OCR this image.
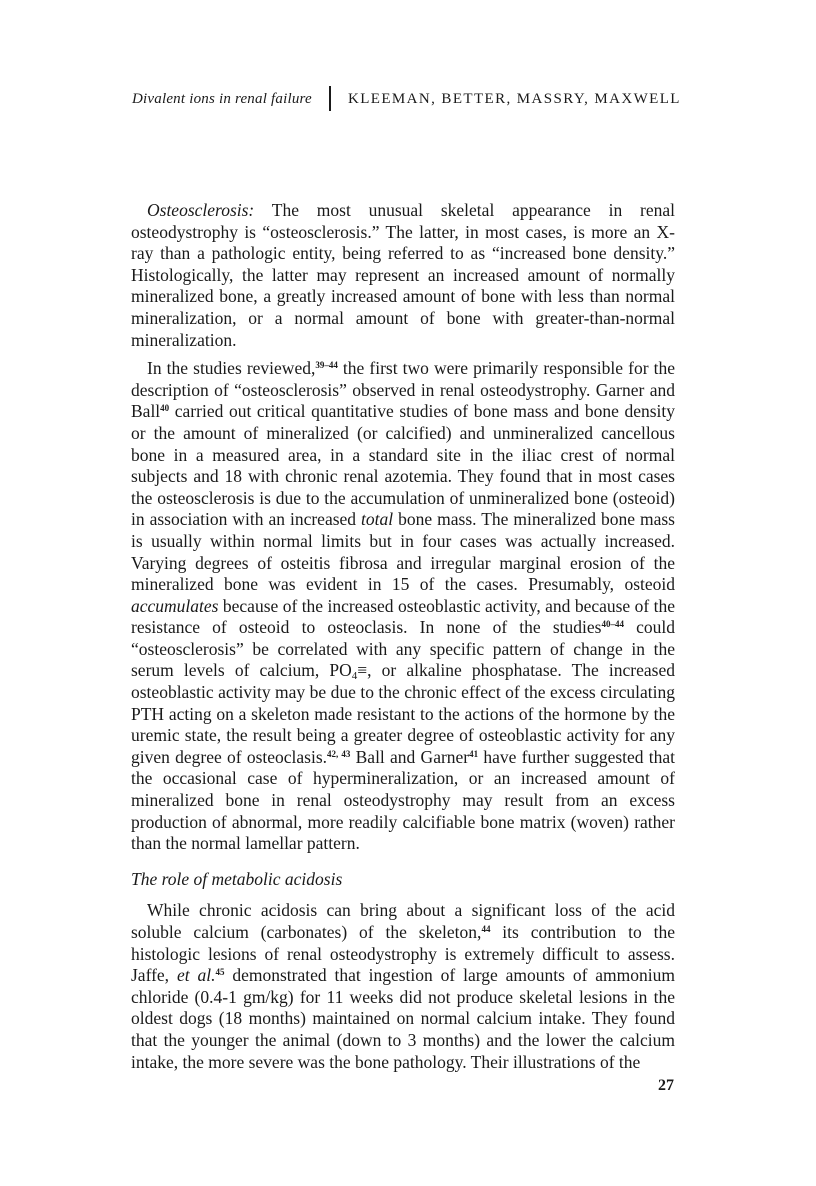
Divalent ions in renal failure KLEEMAN, BETTER, MASSRY, MAXWELL

Osteosclerosis: The most unusual skeletal appearance in renal osteodystrophy is “osteosclerosis.” The latter, in most cases, is more an X-ray than a pathologic entity, being referred to as “increased bone density.” Histologically, the latter may represent an increased amount of normally mineralized bone, a greatly increased amount of bone with less than normal mineralization, or a normal amount of bone with greater-than-normal mineralization.

In the studies reviewed,$^{39-44}$ the first two were primarily responsible for the description of “osteosclerosis” observed in renal osteodystrophy. Garner and Ball$^{40}$ carried out critical quantitative studies of bone mass and bone density or the amount of mineralized (or calcified) and unmineralized cancellous bone in a measured area, in a standard site in the iliac crest of normal subjects and 18 with chronic renal azotemia. They found that in most cases the osteosclerosis is due to the accumulation of unmineralized bone (osteoid) in association with an increased total bone mass. The mineralized bone mass is usually within normal limits but in four cases was actually increased. Varying degrees of osteitis fibrosa and irregular marginal erosion of the mineralized bone was evident in 15 of the cases. Presumably, osteoid accumulates because of the increased osteoblastic activity, and because of the resistance of osteoid to osteoclasis. In none of the studies$^{40-44}$ could “osteosclerosis” be correlated with any specific pattern of change in the serum levels of calcium, $PO_4\equiv$, or alkaline phosphatase. The increased osteoblastic activity may be due to the chronic effect of the excess circulating PTH acting on a skeleton made resistant to the actions of the hormone by the uremic state, the result being a greater degree of osteoblastic activity for any given degree of osteoclasis.$^{42, 43}$ Ball and Garner$^{41}$ have further suggested that the occasional case of hypermineralization, or an increased amount of mineralized bone in renal osteodystrophy may result from an excess production of abnormal, more readily calcifiable bone matrix (woven) rather than the normal lamellar pattern.

The role of metabolic acidosis

While chronic acidosis can bring about a significant loss of the acid soluble calcium (carbonates) of the skeleton,$^{44}$ its contribution to the histologic lesions of renal osteodystrophy is extremely difficult to assess. Jaffe, et al.$^{45}$ demonstrated that ingestion of large amounts of ammonium chloride (0.4-1 gm/kg) for 11 weeks did not produce skeletal lesions in the oldest dogs (18 months) maintained on normal calcium intake. They found that the younger the animal (down to 3 months) and the lower the calcium intake, the more severe was the bone pathology. Their illustrations of the

27
